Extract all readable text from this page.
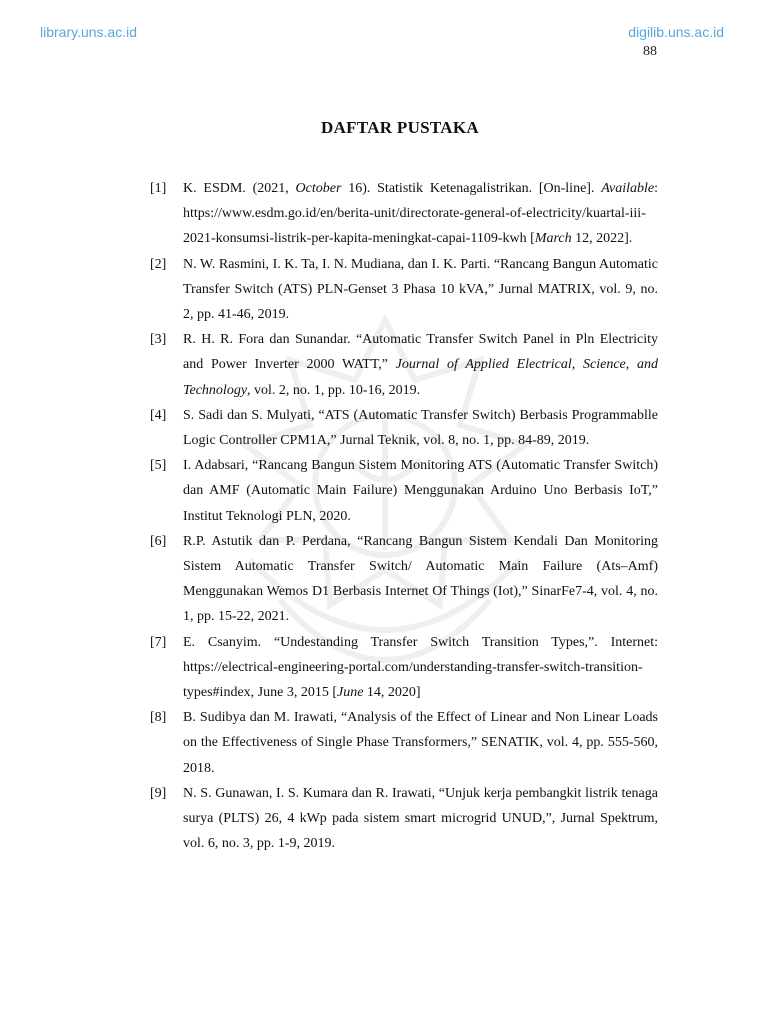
library.uns.ac.id	digilib.uns.ac.id
88
DAFTAR PUSTAKA
[1] K. ESDM. (2021, October 16). Statistik Ketenagalistrikan. [On-line]. Available: https://www.esdm.go.id/en/berita-unit/directorate-general-of-electricity/kuartal-iii-2021-konsumsi-listrik-per-kapita-meningkat-capai-1109-kwh [March 12, 2022].
[2] N. W. Rasmini, I. K. Ta, I. N. Mudiana, dan I. K. Parti. “Rancang Bangun Automatic Transfer Switch (ATS) PLN-Genset 3 Phasa 10 kVA,” Jurnal MATRIX, vol. 9, no. 2, pp. 41-46, 2019.
[3] R. H. R. Fora dan Sunandar. “Automatic Transfer Switch Panel in Pln Electricity and Power Inverter 2000 WATT,” Journal of Applied Electrical, Science, and Technology, vol. 2, no. 1, pp. 10-16, 2019.
[4] S. Sadi dan S. Mulyati, “ATS (Automatic Transfer Switch) Berbasis Programmablle Logic Controller CPM1A,” Jurnal Teknik, vol. 8, no. 1, pp. 84-89, 2019.
[5] I. Adabsari, “Rancang Bangun Sistem Monitoring ATS (Automatic Transfer Switch) dan AMF (Automatic Main Failure) Menggunakan Arduino Uno Berbasis IoT,” Institut Teknologi PLN, 2020.
[6] R.P. Astutik dan P. Perdana, “Rancang Bangun Sistem Kendali Dan Monitoring Sistem Automatic Transfer Switch/ Automatic Main Failure (Ats–Amf) Menggunakan Wemos D1 Berbasis Internet Of Things (Iot),” SinarFe7-4, vol. 4, no. 1, pp. 15-22, 2021.
[7] E. Csanyim. “Undestanding Transfer Switch Transition Types,”. Internet: https://electrical-engineering-portal.com/understanding-transfer-switch-transition-types#index, June 3, 2015 [June 14, 2020]
[8] B. Sudibya dan M. Irawati, “Analysis of the Effect of Linear and Non Linear Loads on the Effectiveness of Single Phase Transformers,” SENATIK, vol. 4, pp. 555-560, 2018.
[9] N. S. Gunawan, I. S. Kumara dan R. Irawati, “Unjuk kerja pembangkit listrik tenaga surya (PLTS) 26, 4 kWp pada sistem smart microgrid UNUD,”, Jurnal Spektrum, vol. 6, no. 3, pp. 1-9, 2019.
